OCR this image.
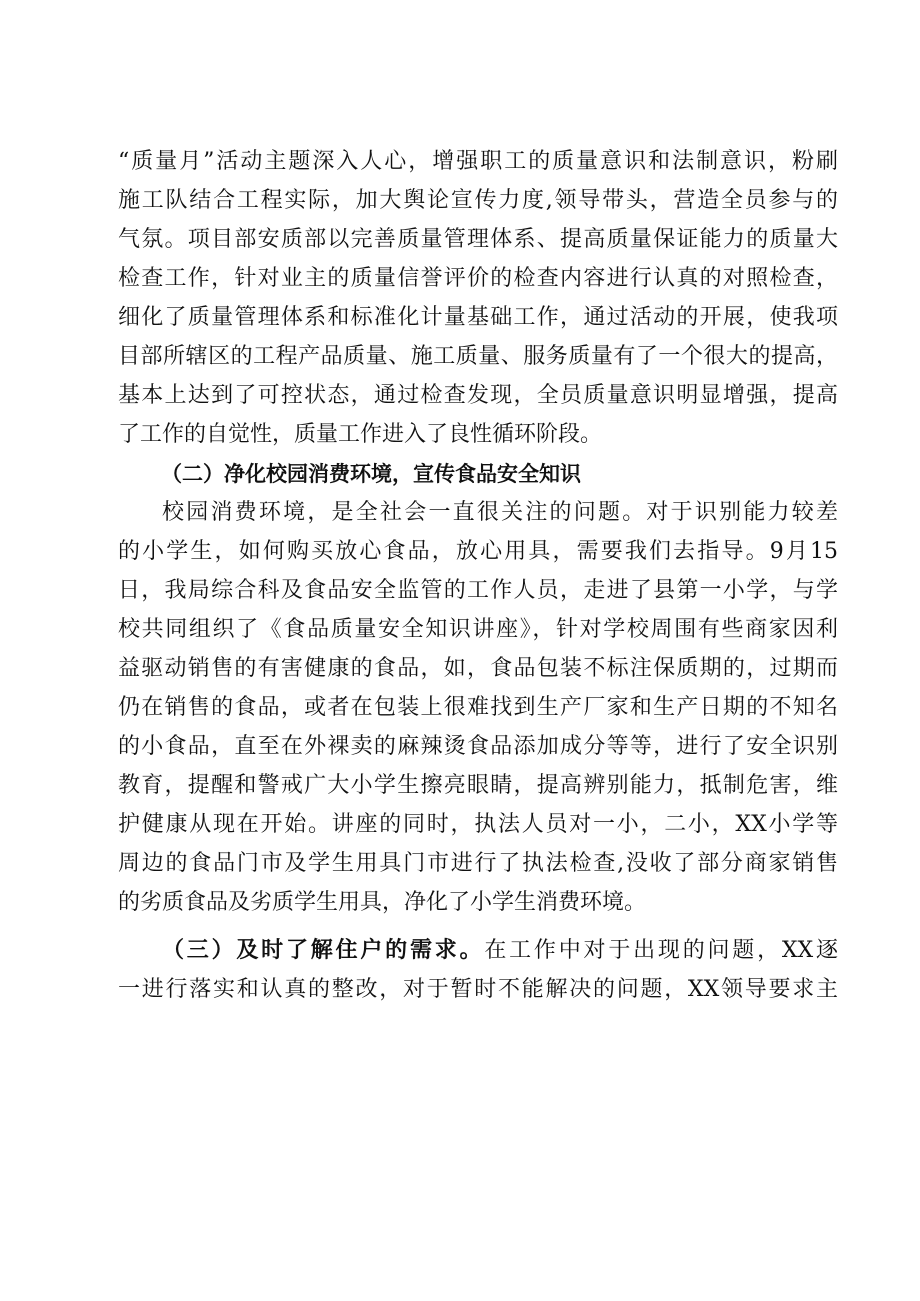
“质量月”活动主题深入人心，增强职工的质量意识和法制意识，粉刷
施工队结合工程实际，加大舆论宣传力度,领导带头，营造全员参与的
气氛。项目部安质部以完善质量管理体系、提高质量保证能力的质量大
检查工作，针对业主的质量信誉评价的检查内容进行认真的对照检查，
细化了质量管理体系和标准化计量基础工作，通过活动的开展，使我项
目部所辖区的工程产品质量、施工质量、服务质量有了一个很大的提高，
基本上达到了可控状态，通过检查发现，全员质量意识明显增强，提高
了工作的自觉性，质量工作进入了良性循环阶段。
（二）净化校园消费环境，宣传食品安全知识
校园消费环境，是全社会一直很关注的问题。对于识别能力较差
的小学生，如何购买放心食品，放心用具，需要我们去指导。9月15
日，我局综合科及食品安全监管的工作人员，走进了县第一小学，与学
校共同组织了《食品质量安全知识讲座》，针对学校周围有些商家因利
益驱动销售的有害健康的食品，如，食品包装不标注保质期的，过期而
仍在销售的食品，或者在包装上很难找到生产厂家和生产日期的不知名
的小食品，直至在外裸卖的麻辣烫食品添加成分等等，进行了安全识别
教育，提醒和警戒广大小学生擦亮眼睛，提高辨别能力，抵制危害，维
护健康从现在开始。讲座的同时，执法人员对一小，二小，XX小学等
周边的食品门市及学生用具门市进行了执法检查,没收了部分商家销售
的劣质食品及劣质学生用具，净化了小学生消费环境。
（三）及时了解住户的需求。在工作中对于出现的问题，XX逐
一进行落实和认真的整改，对于暂时不能解决的问题，XX领导要求主
